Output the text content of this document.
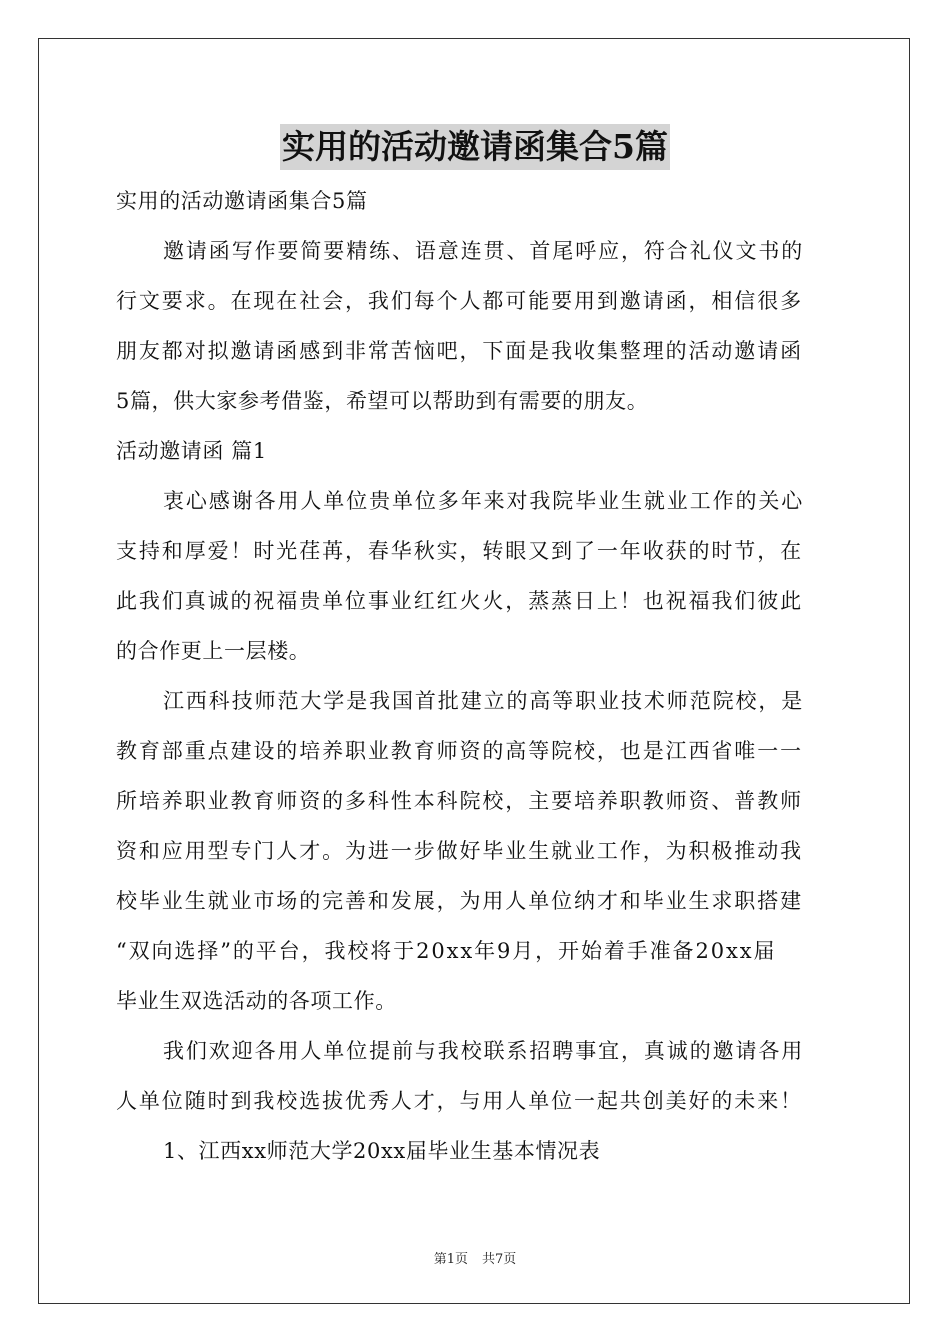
实用的活动邀请函集合5篇
实用的活动邀请函集合5篇
邀请函写作要简要精练、语意连贯、首尾呼应，符合礼仪文书的
行文要求。在现在社会，我们每个人都可能要用到邀请函，相信很多
朋友都对拟邀请函感到非常苦恼吧，下面是我收集整理的活动邀请函
5篇，供大家参考借鉴，希望可以帮助到有需要的朋友。
活动邀请函 篇1
衷心感谢各用人单位贵单位多年来对我院毕业生就业工作的关心
支持和厚爱！时光荏苒，春华秋实，转眼又到了一年收获的时节，在
此我们真诚的祝福贵单位事业红红火火，蒸蒸日上！也祝福我们彼此
的合作更上一层楼。
江西科技师范大学是我国首批建立的高等职业技术师范院校，是
教育部重点建设的培养职业教育师资的高等院校，也是江西省唯一一
所培养职业教育师资的多科性本科院校，主要培养职教师资、普教师
资和应用型专门人才。为进一步做好毕业生就业工作，为积极推动我
校毕业生就业市场的完善和发展，为用人单位纳才和毕业生求职搭建
“双向选择”的平台，我校将于20xx年9月，开始着手准备20xx届
毕业生双选活动的各项工作。
我们欢迎各用人单位提前与我校联系招聘事宜，真诚的邀请各用
人单位随时到我校选拔优秀人才，与用人单位一起共创美好的未来！
1、江西xx师范大学20xx届毕业生基本情况表
第1页 共7页
